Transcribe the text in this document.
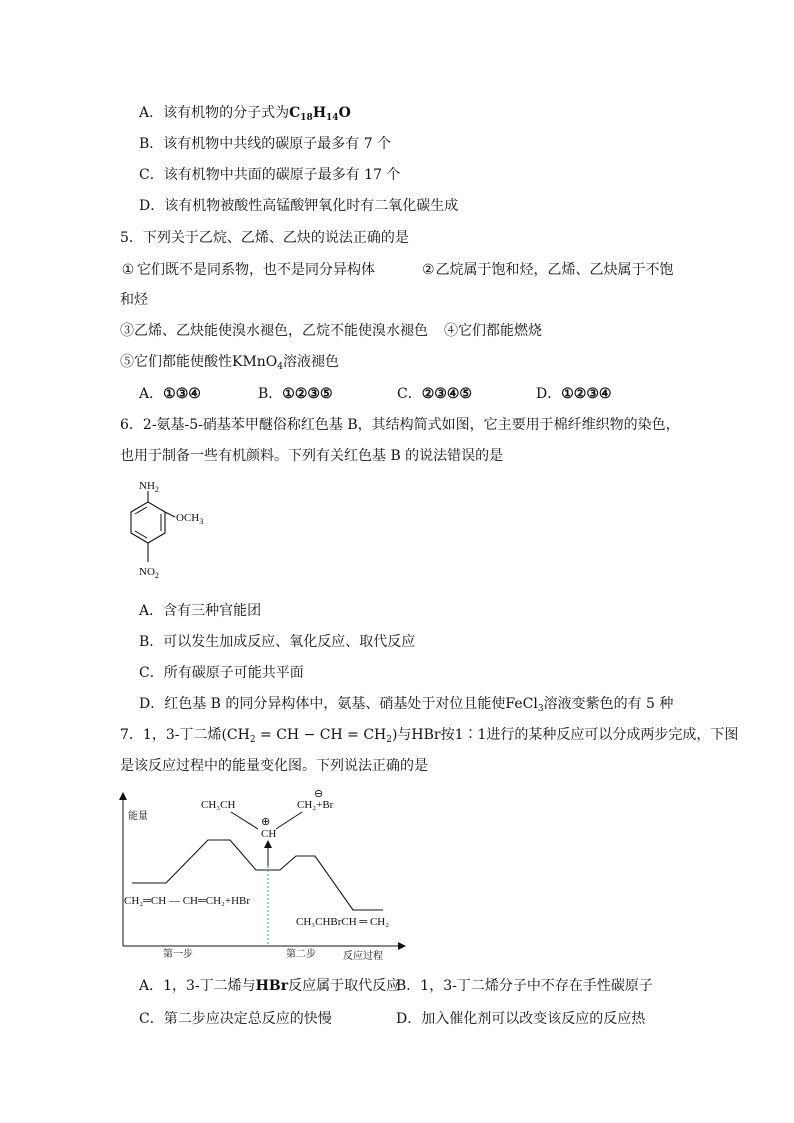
A．该有机物的分子式为$C_{18}H_{14}O$
B．该有机物中共线的碳原子最多有 7 个
C．该有机物中共面的碳原子最多有 17 个
D．该有机物被酸性高锰酸钾氧化时有二氧化碳生成
5．下列关于乙烷、乙烯、乙炔的说法正确的是
① 它们既不是同系物，也不是同分异构体	②乙烷属于饱和烃，乙烯、乙炔属于不饱
和烃
③乙烯、乙炔能使溴水褪色，乙烷不能使溴水褪色 ④它们都能燃烧
⑤它们都能使酸性KMnO$_4$溶液褪色
A．①③④	B．①②③⑤	C．②③④⑤	D．①②③④
6．2-氨基-5-硝基苯甲醚俗称红色基 B，其结构简式如图，它主要用于棉纤维织物的染色，
也用于制备一些有机颜料。下列有关红色基 B 的说法错误的是
$NH_2$
$OCH_3$
$NO_2$
A．含有三种官能团
B．可以发生加成反应、氧化反应、取代反应
C．所有碳原子可能共平面
D．红色基 B 的同分异构体中，氨基、硝基处于对位且能使FeCl$_3$溶液变紫色的有 5 种
7．1，3-丁二烯($CH_2$ = CH − CH = $CH_2$)与HBr按1∶1进行的某种反应可以分成两步完成，下图
是该反应过程中的能量变化图。下列说法正确的是
能量
反应过程
第一步	第二步
CH₃CH	CH₂+Br
⊖
⊕
CH
CH₂═CH — CH═CH₂+HBr
CH₃CHBrCH ═ CH₂
A．1，3-丁二烯与HBr反应属于取代反应
B．1，3-丁二烯分子中不存在手性碳原子
C．第二步应决定总反应的快慢	D．加入催化剂可以改变该反应的反应热
